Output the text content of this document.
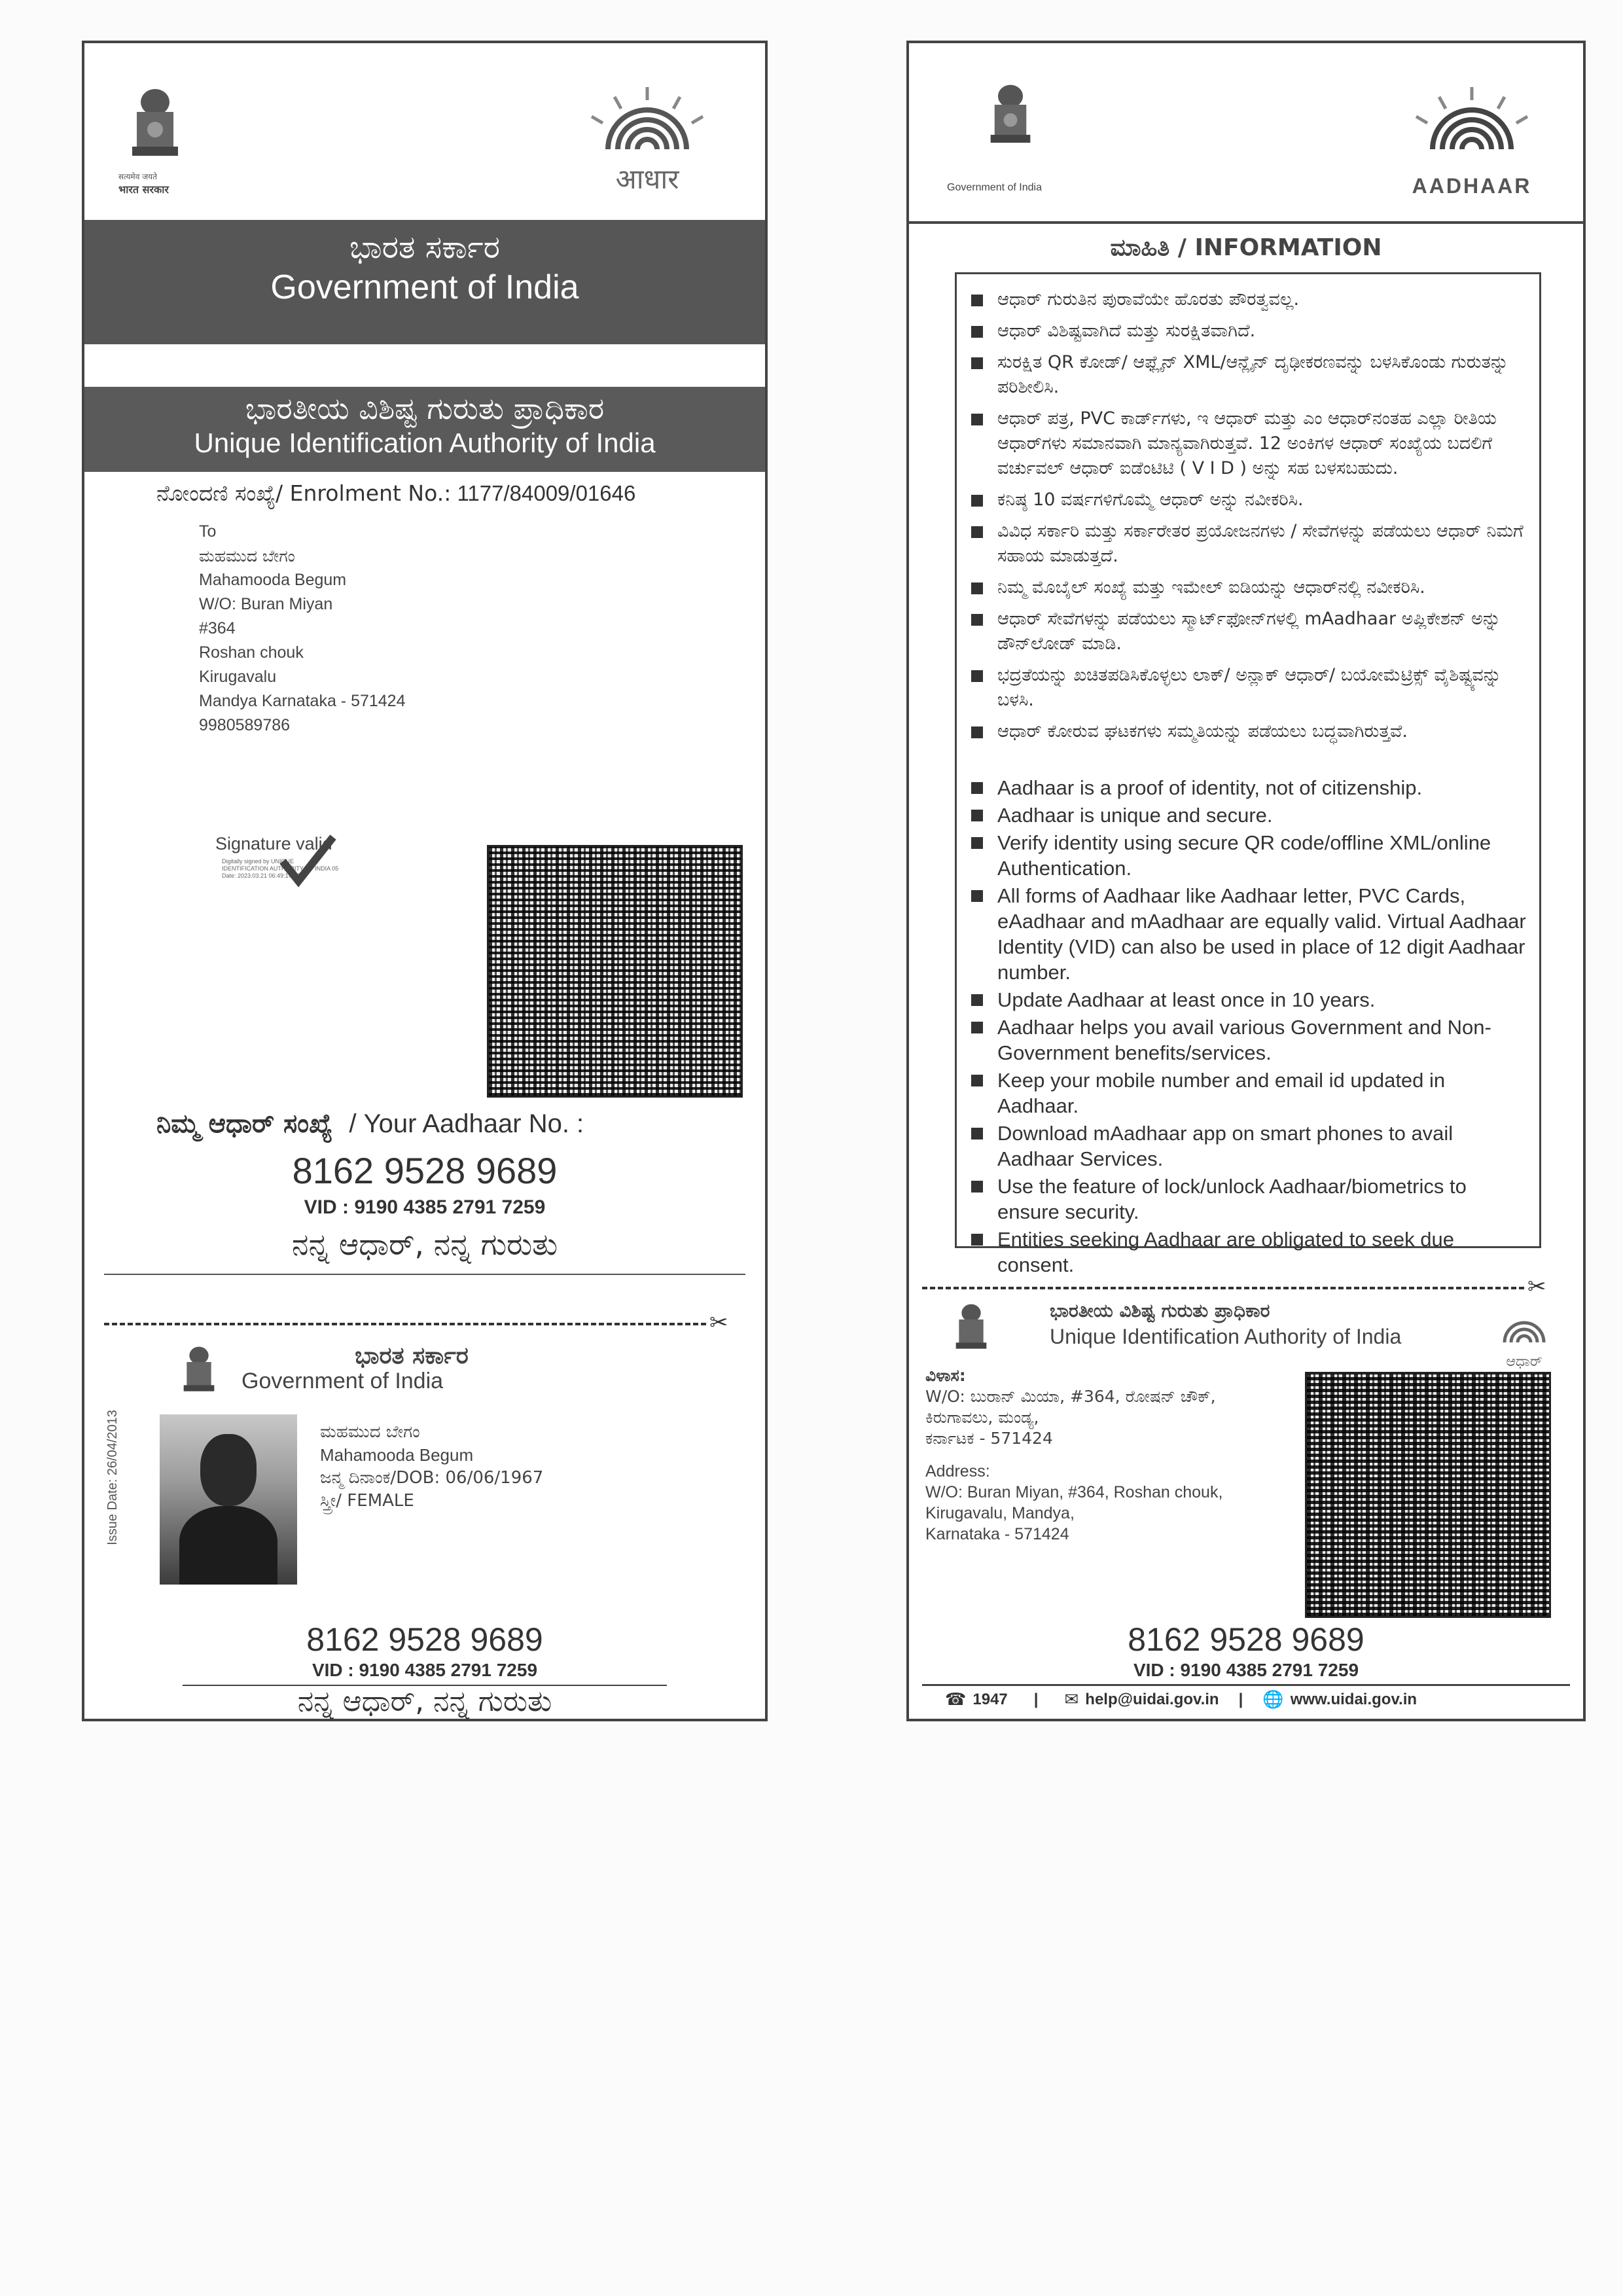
सत्यमेव जयते
भारत सरकार	आधार
ಭಾರತ ಸರ್ಕಾರ
Government of India
ಭಾರತೀಯ ವಿಶಿಷ್ಟ ಗುರುತು ಪ್ರಾಧಿಕಾರ
Unique Identification Authority of India
ನೋಂದಣಿ ಸಂಖ್ಯೆ/ Enrolment No.: 1177/84009/01646
To
ಮಹಮುದ ಬೇಗಂ
Mahamooda Begum
W/O: Buran Miyan
#364
Roshan chouk
Kirugavalu
Mandya Karnataka - 571424
9980589786
Signature valid
Digitally signed by UNIQUE IDENTIFICATION AUTHORITY OF INDIA 05 Date: 2023.03.21 06:49:17 UTC
ನಿಮ್ಮ ಆಧಾರ್ ಸಂಖ್ಯೆ / Your Aadhaar No. :
8162 9528 9689
VID : 9190 4385 2791 7259
ನನ್ನ ಆಧಾರ್, ನನ್ನ ಗುರುತು
✂
ಭಾರತ ಸರ್ಕಾರ
Government of India
Issue Date: 26/04/2013	ಮಹಮುದ ಬೇಗಂ
Mahamooda Begum
ಜನ್ಮ ದಿನಾಂಕ/DOB: 06/06/1967
ಸ್ತ್ರೀ/ FEMALE
8162 9528 9689
VID : 9190 4385 2791 7259
ನನ್ನ ಆಧಾರ್, ನನ್ನ ಗುರುತು
Government of India	AADHAAR
ಮಾಹಿತಿ / INFORMATION
ಆಧಾರ್ ಗುರುತಿನ ಪುರಾವೆಯೇ ಹೊರತು ಪೌರತ್ವವಲ್ಲ.
ಆಧಾರ್ ವಿಶಿಷ್ಟವಾಗಿದೆ ಮತ್ತು ಸುರಕ್ಷಿತವಾಗಿದೆ.
ಸುರಕ್ಷಿತ QR ಕೋಡ್/ ಆಫ್ಲೈನ್ XML/ಆನ್ಲೈನ್ ದೃಢೀಕರಣವನ್ನು ಬಳಸಿಕೊಂಡು ಗುರುತನ್ನು ಪರಿಶೀಲಿಸಿ.
ಆಧಾರ್ ಪತ್ರ, PVC ಕಾರ್ಡ್‌ಗಳು, ಇ ಆಧಾರ್ ಮತ್ತು ಎಂ ಆಧಾರ್‌ನಂತಹ ಎಲ್ಲಾ ರೀತಿಯ ಆಧಾರ್‌ಗಳು ಸಮಾನವಾಗಿ ಮಾನ್ಯವಾಗಿರುತ್ತವೆ. 12 ಅಂಕಿಗಳ ಆಧಾರ್ ಸಂಖ್ಯೆಯ ಬದಲಿಗೆ ವರ್ಚುವಲ್ ಆಧಾರ್ ಐಡೆಂಟಿಟಿ ( V I D ) ಅನ್ನು ಸಹ ಬಳಸಬಹುದು.
ಕನಿಷ್ಠ 10 ವರ್ಷಗಳಿಗೊಮ್ಮೆ ಆಧಾರ್ ಅನ್ನು ನವೀಕರಿಸಿ.
ವಿವಿಧ ಸರ್ಕಾರಿ ಮತ್ತು ಸರ್ಕಾರೇತರ ಪ್ರಯೋಜನಗಳು / ಸೇವೆಗಳನ್ನು ಪಡೆಯಲು ಆಧಾರ್ ನಿಮಗೆ ಸಹಾಯ ಮಾಡುತ್ತದೆ.
ನಿಮ್ಮ ಮೊಬೈಲ್ ಸಂಖ್ಯೆ ಮತ್ತು ಇಮೇಲ್ ಐಡಿಯನ್ನು ಆಧಾರ್‌ನಲ್ಲಿ ನವೀಕರಿಸಿ.
ಆಧಾರ್ ಸೇವೆಗಳನ್ನು ಪಡೆಯಲು ಸ್ಮಾರ್ಟ್‌ಫೋನ್‌ಗಳಲ್ಲಿ mAadhaar ಅಪ್ಲಿಕೇಶನ್ ಅನ್ನು ಡೌನ್‌ಲೋಡ್ ಮಾಡಿ.
ಭದ್ರತೆಯನ್ನು ಖಚಿತಪಡಿಸಿಕೊಳ್ಳಲು ಲಾಕ್/ ಅನ್ಲಾಕ್ ಆಧಾರ್/ ಬಯೋಮೆಟ್ರಿಕ್ಸ್ ವೈಶಿಷ್ಟ್ಯವನ್ನು ಬಳಸಿ.
ಆಧಾರ್ ಕೋರುವ ಘಟಕಗಳು ಸಮ್ಮತಿಯನ್ನು ಪಡೆಯಲು ಬದ್ಧವಾಗಿರುತ್ತವೆ.
Aadhaar is a proof of identity, not of citizenship.
Aadhaar is unique and secure.
Verify identity using secure QR code/offline XML/online Authentication.
All forms of Aadhaar like Aadhaar letter, PVC Cards, eAadhaar and mAadhaar are equally valid. Virtual Aadhaar Identity (VID) can also be used in place of 12 digit Aadhaar number.
Update Aadhaar at least once in 10 years.
Aadhaar helps you avail various Government and Non- Government benefits/services.
Keep your mobile number and email id updated in Aadhaar.
Download mAadhaar app on smart phones to avail Aadhaar Services.
Use the feature of lock/unlock Aadhaar/biometrics to ensure security.
Entities seeking Aadhaar are obligated to seek due consent.
✂
ಭಾರತೀಯ ವಿಶಿಷ್ಟ ಗುರುತು ಪ್ರಾಧಿಕಾರ
Unique Identification Authority of India
ಆಧಾರ್
ವಿಳಾಸ:
W/O: ಬುರಾನ್ ಮಿಯಾ, #364, ರೋಷನ್ ಚೌಕ್,
ಕಿರುಗಾವಲು, ಮಂಡ್ಯ,
ಕರ್ನಾಟಕ - 571424
Address:
W/O: Buran Miyan, #364, Roshan chouk,
Kirugavalu, Mandya,
Karnataka - 571424
8162 9528 9689
VID : 9190 4385 2791 7259
☎ 1947 | ✉ help@uidai.gov.in | 🌐 www.uidai.gov.in
